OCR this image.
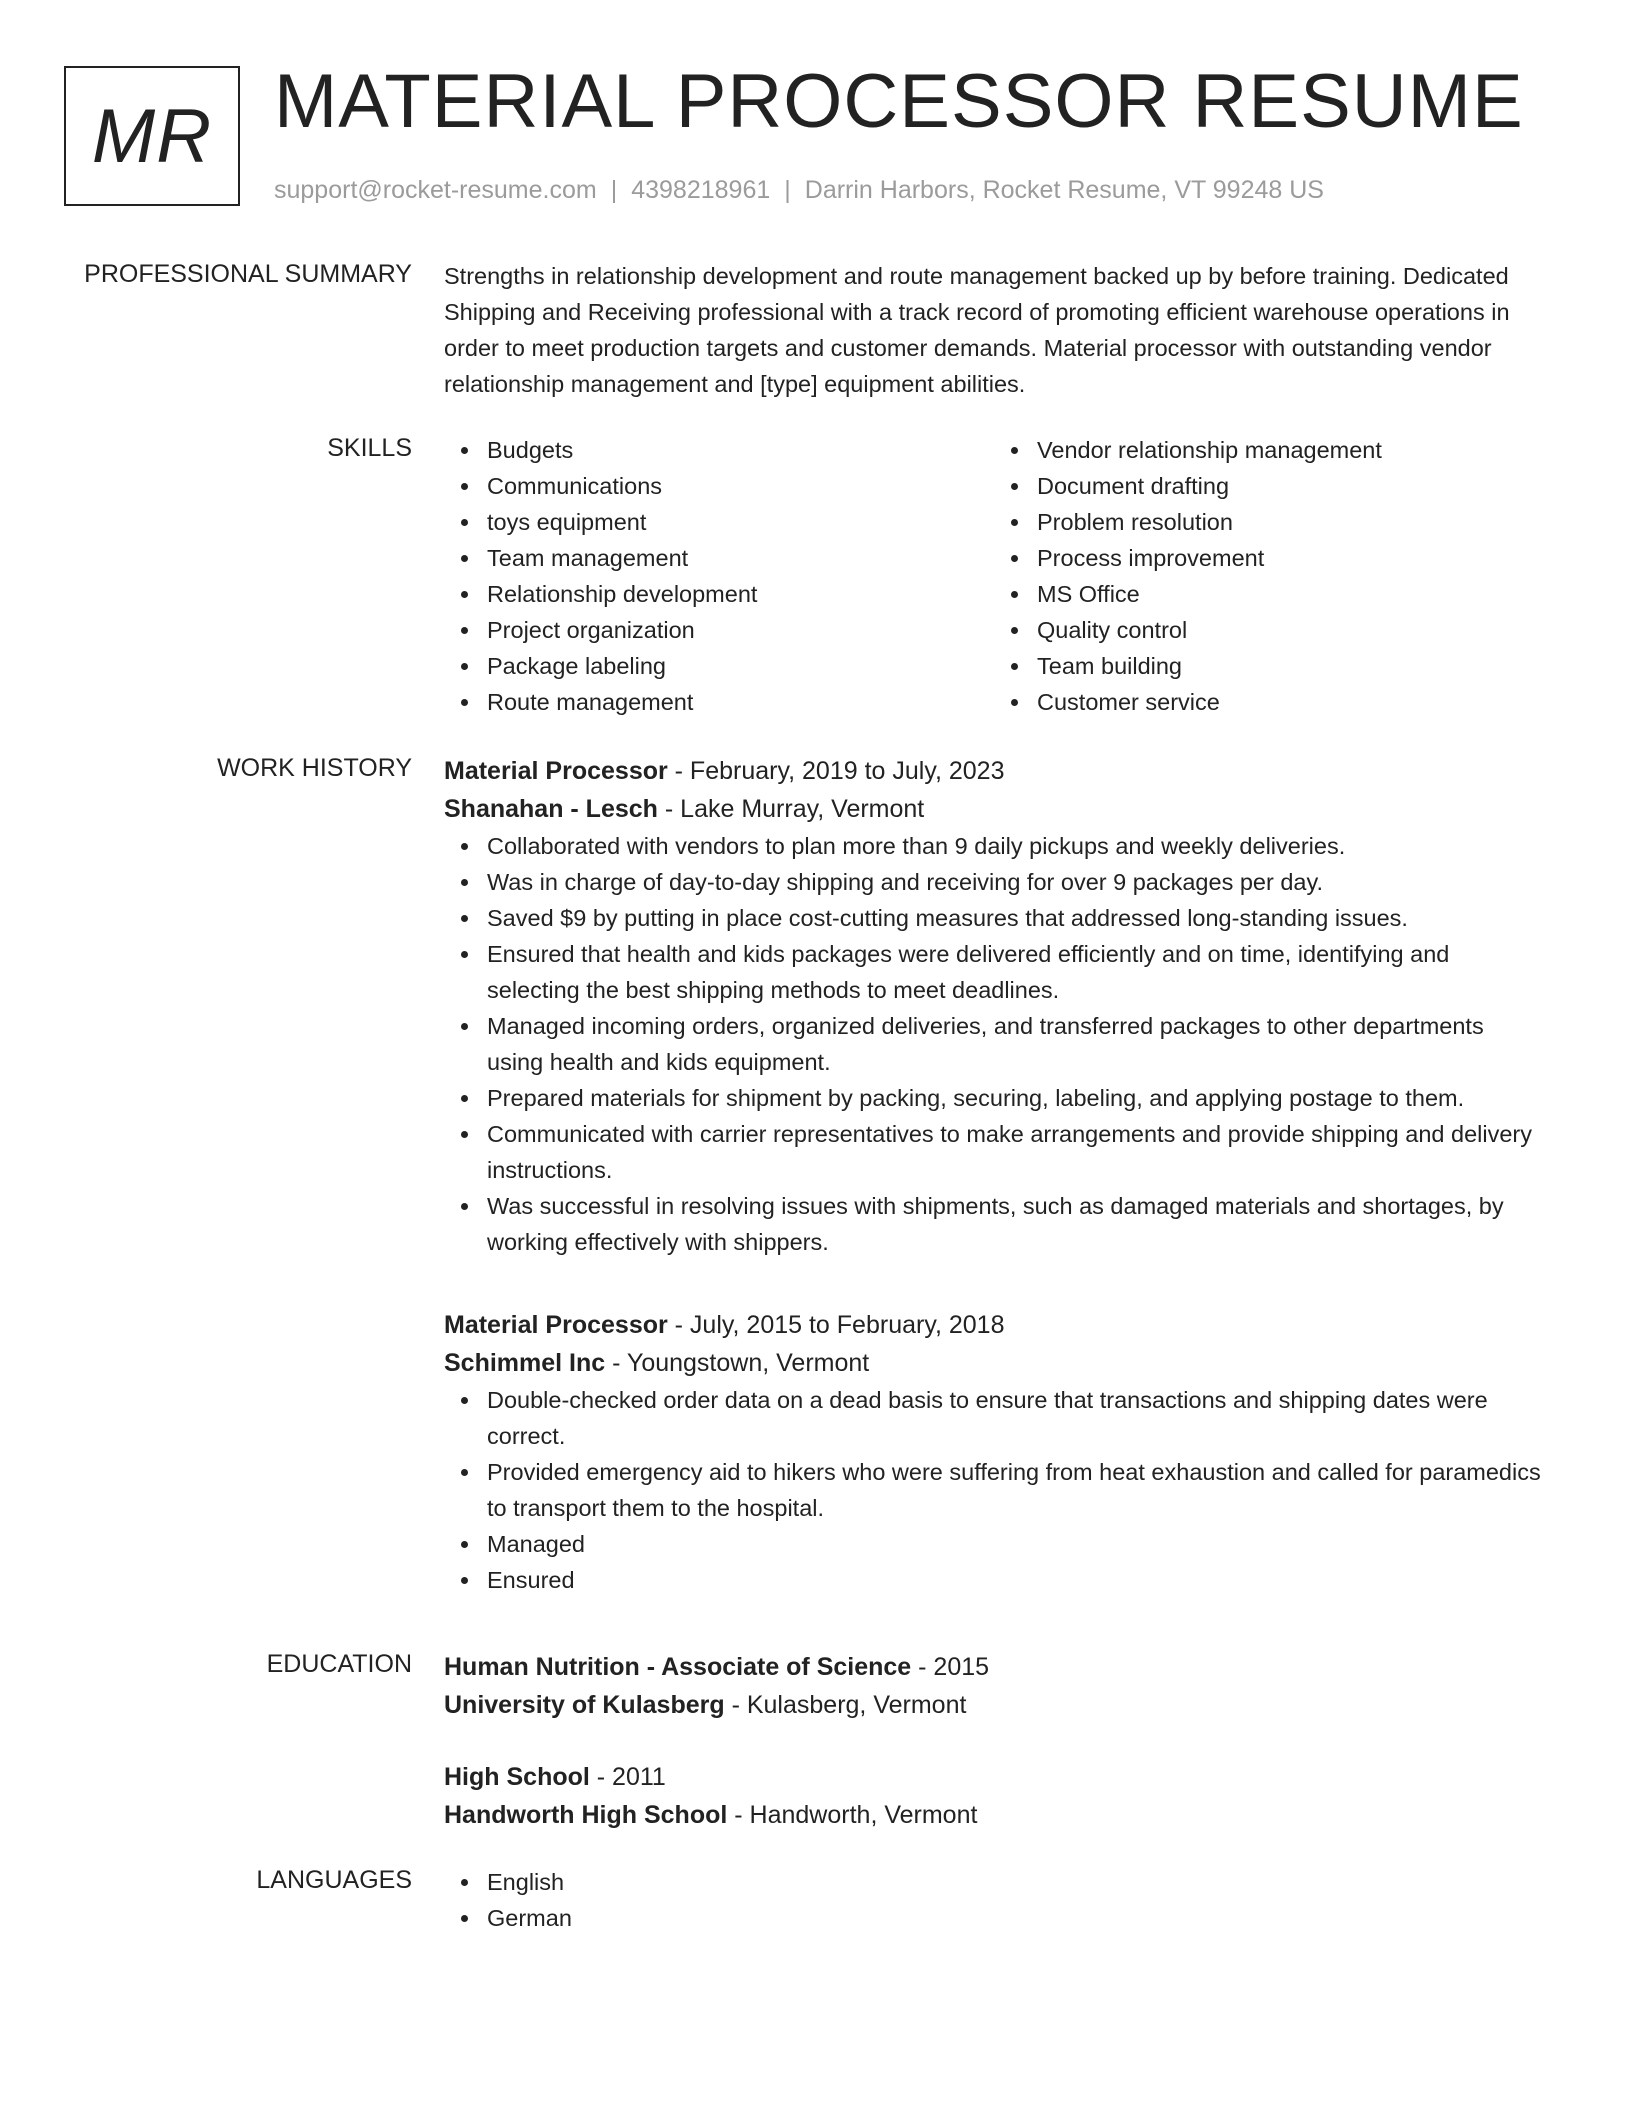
MR MATERIAL PROCESSOR RESUME
support@rocket-resume.com | 4398218961 | Darrin Harbors, Rocket Resume, VT 99248 US
PROFESSIONAL SUMMARY Strengths in relationship development and route management backed up by before training. Dedicated Shipping and Receiving professional with a track record of promoting efficient warehouse operations in order to meet production targets and customer demands. Material processor with outstanding vendor relationship management and [type] equipment abilities.

SKILLS	Budgets
Communications
toys equipment
Team management
Relationship development
Project organization
Package labeling
Route management
Vendor relationship management
Document drafting
Problem resolution
Process improvement
MS Office
Quality control
Team building
Customer service
WORK HISTORY Material Processor - February, 2019 to July, 2023
Shanahan - Lesch - Lake Murray, Vermont
Collaborated with vendors to plan more than 9 daily pickups and weekly deliveries.
Was in charge of day-to-day shipping and receiving for over 9 packages per day.
Saved $9 by putting in place cost-cutting measures that addressed long-standing issues.
Ensured that health and kids packages were delivered efficiently and on time, identifying and selecting the best shipping methods to meet deadlines.
Managed incoming orders, organized deliveries, and transferred packages to other departments using health and kids equipment.
Prepared materials for shipment by packing, securing, labeling, and applying postage to them.
Communicated with carrier representatives to make arrangements and provide shipping and delivery instructions.
Was successful in resolving issues with shipments, such as damaged materials and shortages, by working effectively with shippers.
Material Processor - July, 2015 to February, 2018
Schimmel Inc - Youngstown, Vermont
Double-checked order data on a dead basis to ensure that transactions and shipping dates were correct.
Provided emergency aid to hikers who were suffering from heat exhaustion and called for paramedics to transport them to the hospital.
Managed
Ensured
EDUCATION Human Nutrition - Associate of Science - 2015
University of Kulasberg - Kulasberg, Vermont
High School - 2011
Handworth High School - Handworth, Vermont
LANGUAGES	English
German
